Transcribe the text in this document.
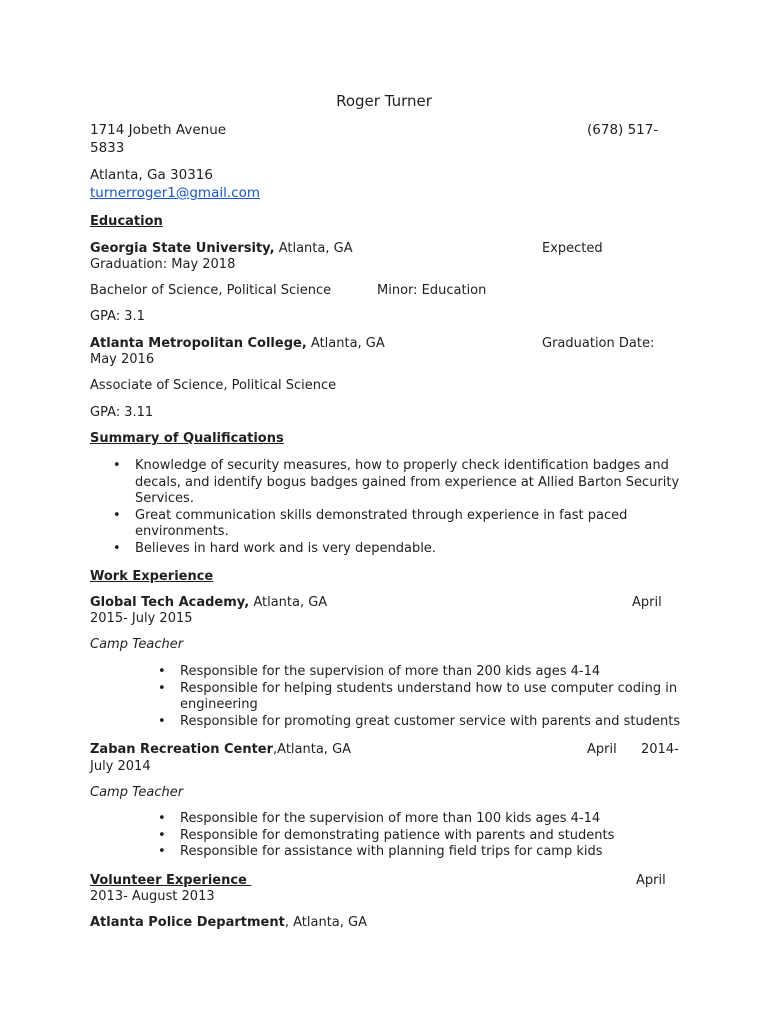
Roger Turner
1714 Jobeth Avenue	(678) 517-
5833
Atlanta, Ga 30316
turnerroger1@gmail.com
Education
Georgia State University, Atlanta, GA	Expected
Graduation: May 2018
Bachelor of Science, Political Science	Minor: Education
GPA: 3.1
Atlanta Metropolitan College, Atlanta, GA	Graduation Date:
May 2016
Associate of Science, Political Science
GPA: 3.11
Summary of Qualifications
• Knowledge of security measures, how to properly check identification badges and
decals, and identify bogus badges gained from experience at Allied Barton Security
Services.
• Great communication skills demonstrated through experience in fast paced
environments.
• Believes in hard work and is very dependable.
Work Experience
Global Tech Academy, Atlanta, GA	April
2015- July 2015
Camp Teacher
• Responsible for the supervision of more than 200 kids ages 4-14
• Responsible for helping students understand how to use computer coding in
engineering
• Responsible for promoting great customer service with parents and students
Zaban Recreation Center,Atlanta, GA	April 2014-
July 2014
Camp Teacher
• Responsible for the supervision of more than 100 kids ages 4-14
• Responsible for demonstrating patience with parents and students
• Responsible for assistance with planning field trips for camp kids
Volunteer Experience	April
2013- August 2013
Atlanta Police Department, Atlanta, GA
